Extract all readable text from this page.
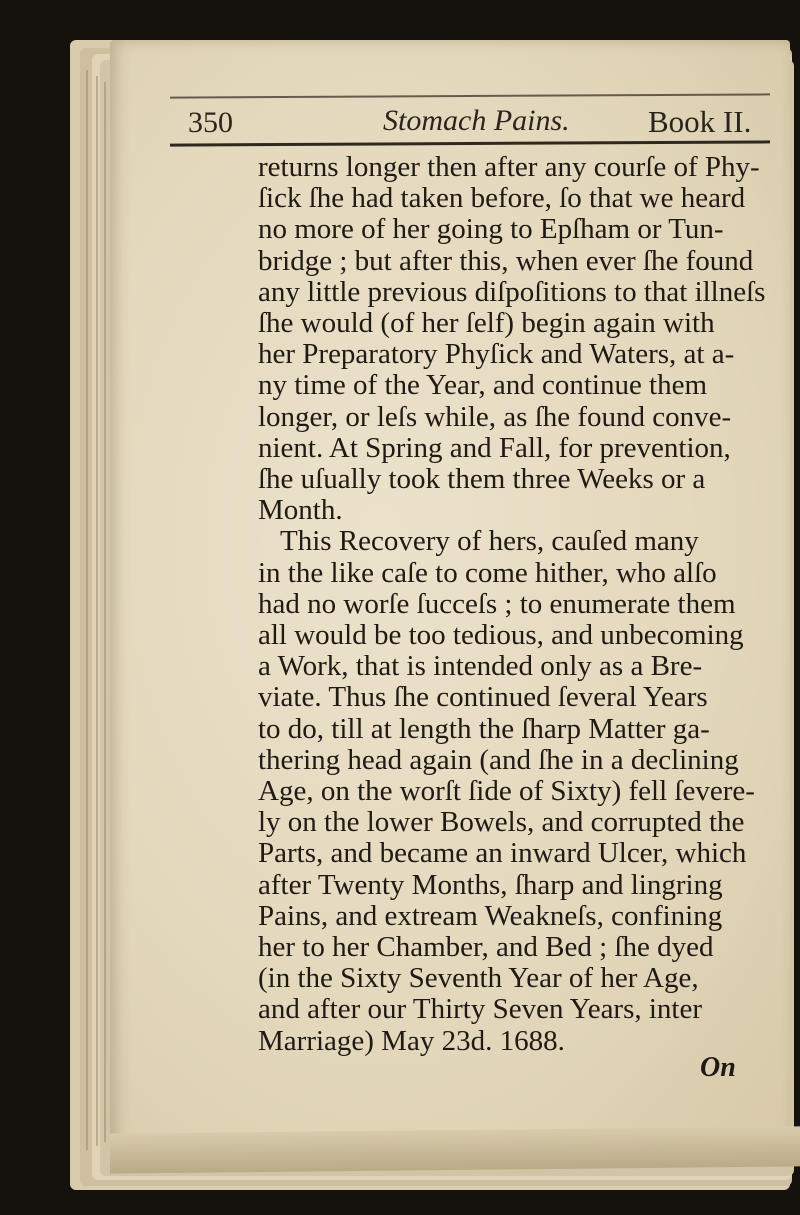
350	Stomach Pains.	Book II.
returns longer then after any courſe of Phy-
ſick ſhe had taken before, ſo that we heard
no more of her going to Epſham or Tun-
bridge ; but after this, when ever ſhe found
any little previous diſpoſitions to that illneſs
ſhe would (of her ſelf) begin again with
her Preparatory Phyſick and Waters, at a-
ny time of the Year, and continue them
longer, or leſs while, as ſhe found conve-
nient. At Spring and Fall, for prevention,
ſhe uſually took them three Weeks or a
Month.
This Recovery of hers, cauſed many
in the like caſe to come hither, who alſo
had no worſe ſucceſs ; to enumerate them
all would be too tedious, and unbecoming
a Work, that is intended only as a Bre-
viate. Thus ſhe continued ſeveral Years
to do, till at length the ſharp Matter ga-
thering head again (and ſhe in a declining
Age, on the worſt ſide of Sixty) fell ſevere-
ly on the lower Bowels, and corrupted the
Parts, and became an inward Ulcer, which
after Twenty Months, ſharp and lingring
Pains, and extream Weakneſs, confining
her to her Chamber, and Bed ; ſhe dyed
(in the Sixty Seventh Year of her Age,
and after our Thirty Seven Years, inter
Marriage) May 23d. 1688.
On
